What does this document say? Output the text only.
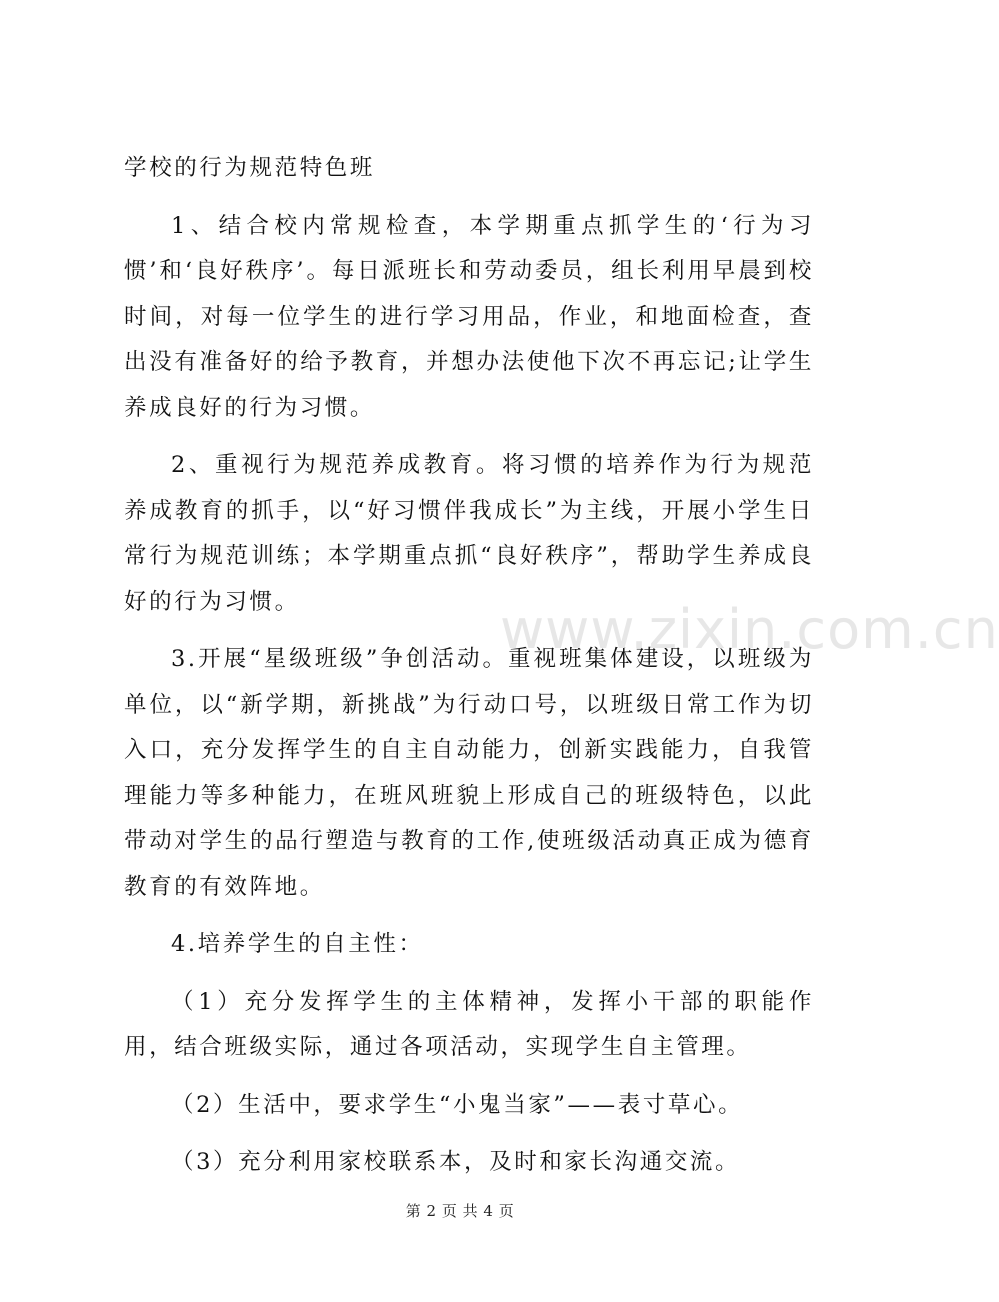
学校的行为规范特色班

1、结合校内常规检查，本学期重点抓学生的‘行为习惯’和‘良好秩序’。每日派班长和劳动委员，组长利用早晨到校时间，对每一位学生的进行学习用品，作业，和地面检查，查出没有准备好的给予教育，并想办法使他下次不再忘记;让学生养成良好的行为习惯。

2、重视行为规范养成教育。将习惯的培养作为行为规范养成教育的抓手，以“好习惯伴我成长”为主线，开展小学生日常行为规范训练；本学期重点抓“良好秩序”，帮助学生养成良好的行为习惯。

3.开展“星级班级”争创活动。重视班集体建设，以班级为单位，以“新学期，新挑战”为行动口号，以班级日常工作为切入口，充分发挥学生的自主自动能力，创新实践能力，自我管理能力等多种能力，在班风班貌上形成自己的班级特色，以此带动对学生的品行塑造与教育的工作,使班级活动真正成为德育教育的有效阵地。

4.培养学生的自主性：

（1）充分发挥学生的主体精神，发挥小干部的职能作用，结合班级实际，通过各项活动，实现学生自主管理。

（2）生活中，要求学生“小鬼当家”——表寸草心。

（3）充分利用家校联系本，及时和家长沟通交流。

www.zixin.com.cn
第 2 页 共 4 页
